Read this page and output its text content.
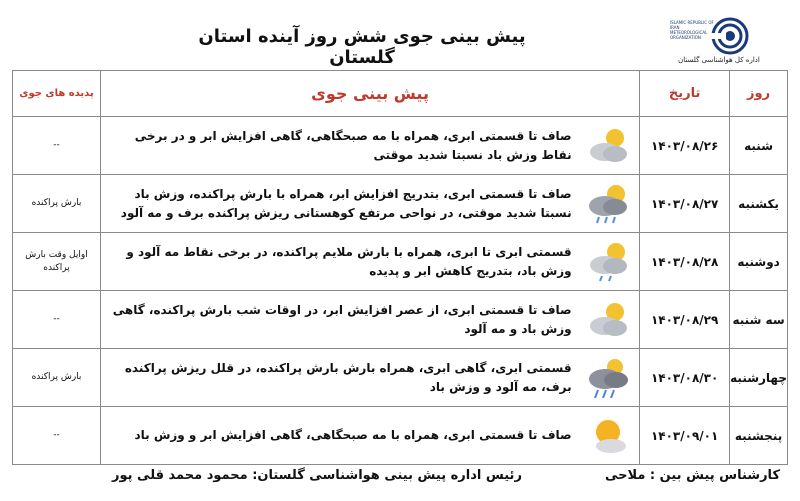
پیش بینی جوی شش روز آینده استان گلستان
ISLAMIC REPUBLIC OF IRAN METEOROLOGICAL ORGANIZATION
اداره کل هواشناسی گلستان
روز	تاریخ	پیش بینی جوی		پدیده های جوی
شنبه	۱۴۰۳/۰۸/۲۶		صاف تا قسمتی ابری، همراه با مه صبحگاهی، گاهی افزایش ابر و در برخی نقاط وزش باد نسبتا شدید موقتی	--
یکشنبه	۱۴۰۳/۰۸/۲۷		صاف تا قسمتی ابری، بتدریج افزایش ابر، همراه با بارش پراکنده، وزش باد نسبتا شدید موقتی، در نواحی مرتفع کوهستانی ریزش پراکنده برف و مه آلود	بارش پراکنده
دوشنبه	۱۴۰۳/۰۸/۲۸		قسمتی ابری تا ابری، همراه با بارش ملایم پراکنده، در برخی نقاط مه آلود و وزش باد، بتدریج کاهش ابر و پدیده	اوایل وقت بارش پراکنده
سه شنبه	۱۴۰۳/۰۸/۲۹		صاف تا قسمتی ابری، از عصر افزایش ابر، در اوقات شب بارش پراکنده، گاهی وزش باد و مه آلود	--
چهارشنبه	۱۴۰۳/۰۸/۳۰		قسمتی ابری، گاهی ابری، همراه بارش بارش پراکنده، در قلل ریزش پراکنده برف، مه آلود و وزش باد	بارش پراکنده
پنجشنبه	۱۴۰۳/۰۹/۰۱		صاف تا قسمتی ابری، همراه با مه صبحگاهی، گاهی افزایش ابر و وزش باد	--
کارشناس پیش بین : ملاحی
رئیس اداره پیش بینی هواشناسی گلستان: محمود محمد قلی پور
